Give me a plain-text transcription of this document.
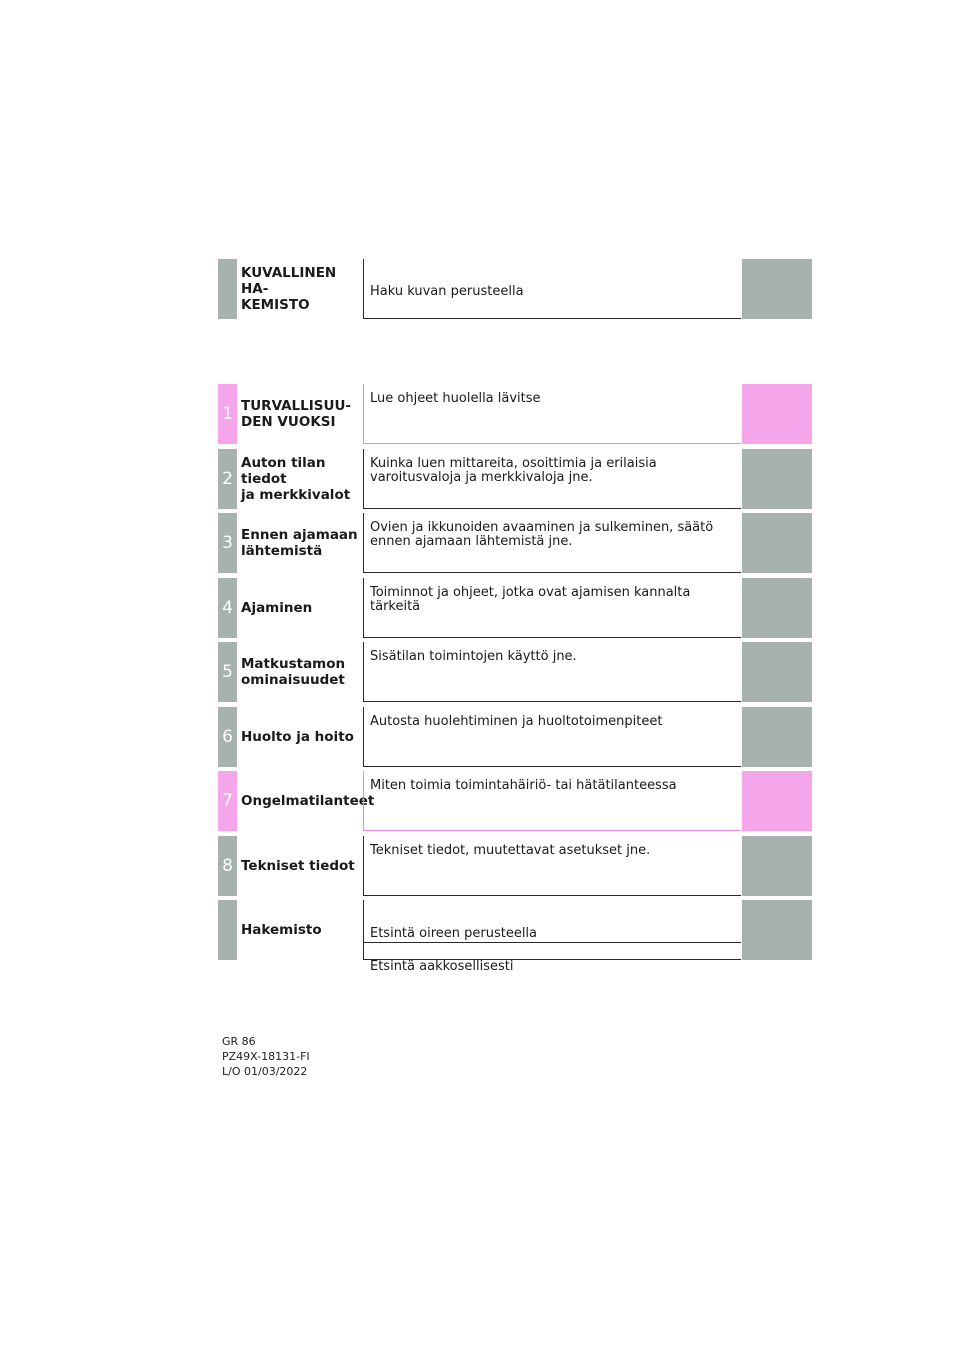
KUVALLINEN HA-
KEMISTO
Haku kuvan perusteella
1 TURVALLISUU-
DEN VUOKSI
Lue ohjeet huolella lävitse
2
Auton tilan tiedot
ja merkkivalot
Kuinka luen mittareita, osoittimia ja erilaisia
varoitusvaloja ja merkkivaloja jne.
3 Ennen ajamaan
lähtemistä
Ovien ja ikkunoiden avaaminen ja sulkeminen, säätö
ennen ajamaan lähtemistä jne.
4 Ajaminen
Toiminnot ja ohjeet, jotka ovat ajamisen kannalta
tärkeitä
5 Matkustamon
ominaisuudet
Sisätilan toimintojen käyttö jne.
6 Huolto ja hoito
Autosta huolehtiminen ja huoltotoimenpiteet
7 Ongelmatilanteet
Miten toimia toimintahäiriö- tai hätätilanteessa
8 Tekniset tiedot
Tekniset tiedot, muutettavat asetukset jne.
Hakemisto	Etsintä oireen perusteella

Etsintä aakkosellisesti

GR 86
PZ49X-18131-FI
L/O 01/03/2022
